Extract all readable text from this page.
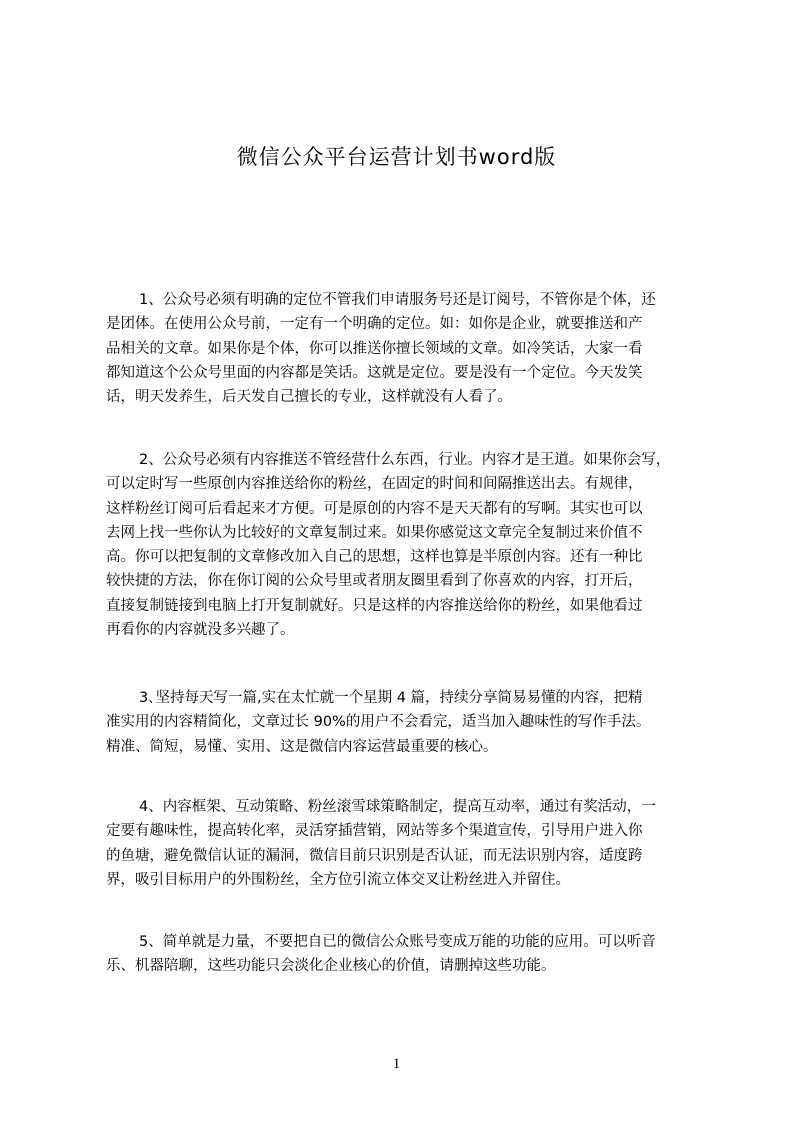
微信公众平台运营计划书word版
1、公众号必须有明确的定位不管我们申请服务号还是订阅号，不管你是个体，还
是团体。在使用公众号前，一定有一个明确的定位。如：如你是企业，就要推送和产
品相关的文章。如果你是个体，你可以推送你擅长领域的文章。如冷笑话，大家一看
都知道这个公众号里面的内容都是笑话。这就是定位。要是没有一个定位。今天发笑
话，明天发养生，后天发自己擅长的专业，这样就没有人看了。
2、公众号必须有内容推送不管经营什么东西，行业。内容才是王道。如果你会写，
可以定时写一些原创内容推送给你的粉丝，在固定的时间和间隔推送出去。有规律，
这样粉丝订阅可后看起来才方便。可是原创的内容不是天天都有的写啊。其实也可以
去网上找一些你认为比较好的文章复制过来。如果你感觉这文章完全复制过来价值不
高。你可以把复制的文章修改加入自己的思想，这样也算是半原创内容。还有一种比
较快捷的方法，你在你订阅的公众号里或者朋友圈里看到了你喜欢的内容，打开后，
直接复制链接到电脑上打开复制就好。只是这样的内容推送给你的粉丝，如果他看过
再看你的内容就没多兴趣了。
3､坚持每天写一篇,实在太忙就一个星期 4 篇，持续分享简易易懂的内容，把精
准实用的内容精简化，文章过长 90%的用户不会看完，适当加入趣味性的写作手法。
精准、简短，易懂、实用、这是微信内容运营最重要的核心。
4、内容框架、互动策略、粉丝滚雪球策略制定，提高互动率，通过有奖活动，一
定要有趣味性，提高转化率，灵活穿插营销，网站等多个渠道宣传，引导用户进入你
的鱼塘，避免微信认证的漏洞，微信目前只识别是否认证，而无法识别内容，适度跨
界，吸引目标用户的外围粉丝，全方位引流立体交叉让粉丝进入并留住。
5、简单就是力量，不要把自已的微信公众账号变成万能的功能的应用。可以听音
乐、机器陪聊，这些功能只会淡化企业核心的价值，请删掉这些功能。
1
